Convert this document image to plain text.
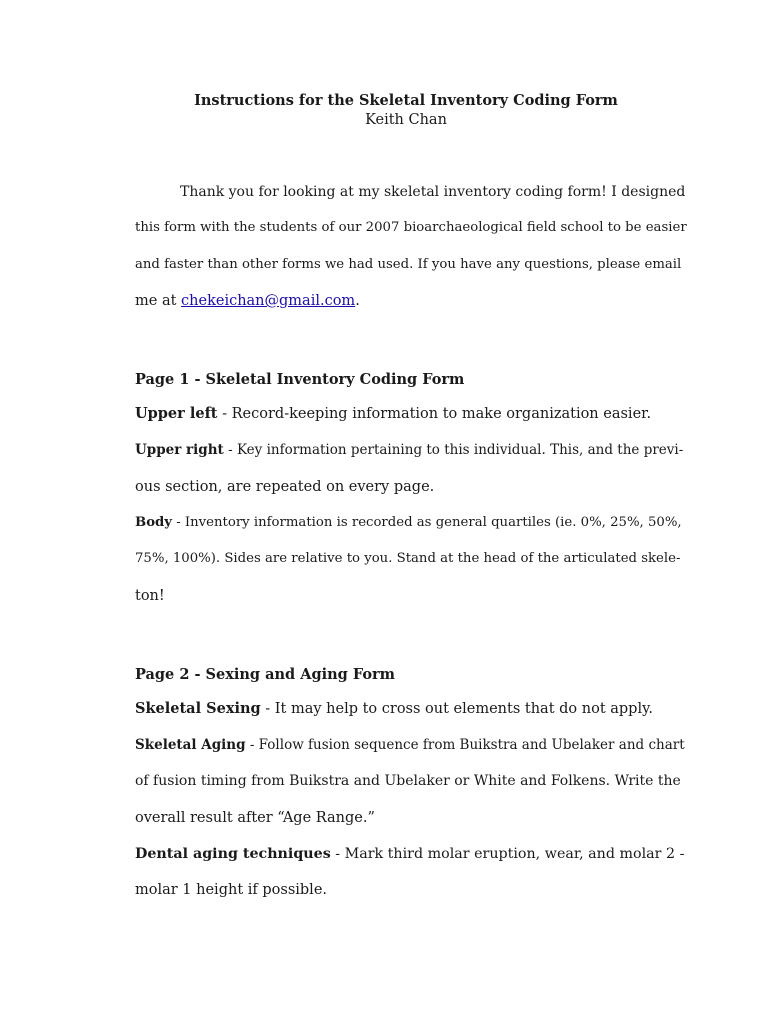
Instructions for the Skeletal Inventory Coding Form
Keith Chan
Thank you for looking at my skeletal inventory coding form! I designed
this form with the students of our 2007 bioarchaeological field school to be easier
and faster than other forms we had used. If you have any questions, please email
me at chekeichan@gmail.com.
Page 1 - Skeletal Inventory Coding Form
Upper left - Record-keeping information to make organization easier.
Upper right - Key information pertaining to this individual. This, and the previ-
ous section, are repeated on every page.
Body - Inventory information is recorded as general quartiles (ie. 0%, 25%, 50%,
75%, 100%). Sides are relative to you. Stand at the head of the articulated skele-
ton!
Page 2 - Sexing and Aging Form
Skeletal Sexing - It may help to cross out elements that do not apply.
Skeletal Aging - Follow fusion sequence from Buikstra and Ubelaker and chart
of fusion timing from Buikstra and Ubelaker or White and Folkens. Write the
overall result after “Age Range.”
Dental aging techniques - Mark third molar eruption, wear, and molar 2 -
molar 1 height if possible.
